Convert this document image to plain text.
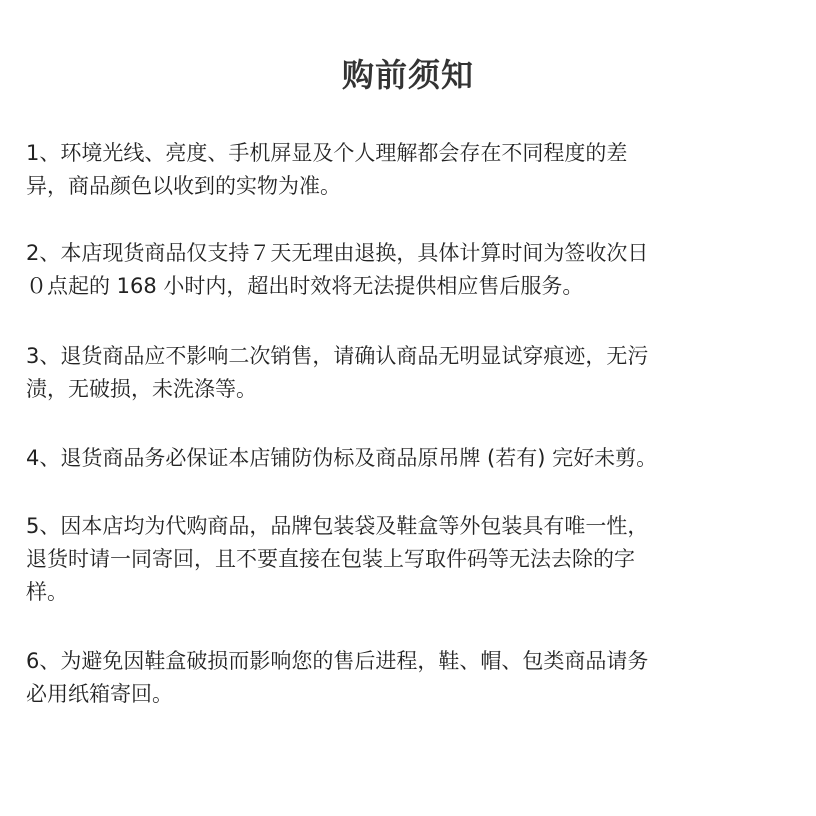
购前须知

1、环境光线、亮度、手机屏显及个人理解都会存在不同程度的差
异，商品颜色以收到的实物为准。

2、本店现货商品仅支持７天无理由退换，具体计算时间为签收次日
０点起的 168 小时内，超出时效将无法提供相应售后服务。

3、退货商品应不影响二次销售，请确认商品无明显试穿痕迹，无污
渍，无破损，未洗涤等。

4、退货商品务必保证本店铺防伪标及商品原吊牌 (若有) 完好未剪。

5、因本店均为代购商品，品牌包装袋及鞋盒等外包装具有唯一性，
退货时请一同寄回，且不要直接在包装上写取件码等无法去除的字
样。

6、为避免因鞋盒破损而影响您的售后进程，鞋、帽、包类商品请务
必用纸箱寄回。
